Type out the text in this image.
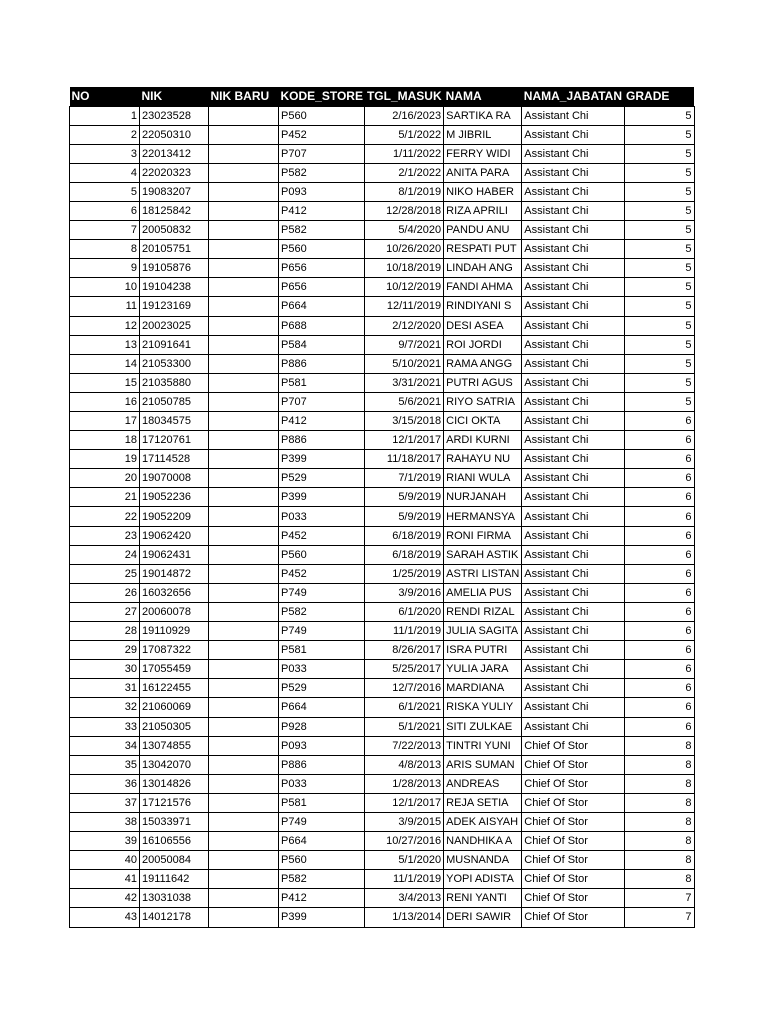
NO	NIK	NIK BARU	KODE_STORE	TGL_MASUK	NAMA	NAMA_JABATAN	GRADE
1	23023528		P560	2/16/2023	SARTIKA RA	Assistant Chi	5
2	22050310		P452	5/1/2022	M JIBRIL	Assistant Chi	5
3	22013412		P707	1/11/2022	FERRY WIDI	Assistant Chi	5
4	22020323		P582	2/1/2022	ANITA PARA	Assistant Chi	5
5	19083207		P093	8/1/2019	NIKO HABER	Assistant Chi	5
6	18125842		P412	12/28/2018	RIZA APRILI	Assistant Chi	5
7	20050832		P582	5/4/2020	PANDU ANU	Assistant Chi	5
8	20105751		P560	10/26/2020	RESPATI PUT	Assistant Chi	5
9	19105876		P656	10/18/2019	LINDAH ANG	Assistant Chi	5
10	19104238		P656	10/12/2019	FANDI AHMA	Assistant Chi	5
11	19123169		P664	12/11/2019	RINDIYANI S	Assistant Chi	5
12	20023025		P688	2/12/2020	DESI ASEA	Assistant Chi	5
13	21091641		P584	9/7/2021	ROI JORDI	Assistant Chi	5
14	21053300		P886	5/10/2021	RAMA ANGG	Assistant Chi	5
15	21035880		P581	3/31/2021	PUTRI AGUS	Assistant Chi	5
16	21050785		P707	5/6/2021	RIYO SATRIA	Assistant Chi	5
17	18034575		P412	3/15/2018	CICI OKTA	Assistant Chi	6
18	17120761		P886	12/1/2017	ARDI KURNI	Assistant Chi	6
19	17114528		P399	11/18/2017	RAHAYU NU	Assistant Chi	6
20	19070008		P529	7/1/2019	RIANI WULA	Assistant Chi	6
21	19052236		P399	5/9/2019	NURJANAH	Assistant Chi	6
22	19052209		P033	5/9/2019	HERMANSYA	Assistant Chi	6
23	19062420		P452	6/18/2019	RONI FIRMA	Assistant Chi	6
24	19062431		P560	6/18/2019	SARAH ASTIK	Assistant Chi	6
25	19014872		P452	1/25/2019	ASTRI LISTAN	Assistant Chi	6
26	16032656		P749	3/9/2016	AMELIA PUS	Assistant Chi	6
27	20060078		P582	6/1/2020	RENDI RIZAL	Assistant Chi	6
28	19110929		P749	11/1/2019	JULIA SAGITA	Assistant Chi	6
29	17087322		P581	8/26/2017	ISRA PUTRI	Assistant Chi	6
30	17055459		P033	5/25/2017	YULIA JARA	Assistant Chi	6
31	16122455		P529	12/7/2016	MARDIANA	Assistant Chi	6
32	21060069		P664	6/1/2021	RISKA YULIY	Assistant Chi	6
33	21050305		P928	5/1/2021	SITI ZULKAE	Assistant Chi	6
34	13074855		P093	7/22/2013	TINTRI YUNI	Chief Of Stor	8
35	13042070		P886	4/8/2013	ARIS SUMAN	Chief Of Stor	8
36	13014826		P033	1/28/2013	ANDREAS	Chief Of Stor	8
37	17121576		P581	12/1/2017	REJA SETIA	Chief Of Stor	8
38	15033971		P749	3/9/2015	ADEK AISYAH	Chief Of Stor	8
39	16106556		P664	10/27/2016	NANDHIKA A	Chief Of Stor	8
40	20050084		P560	5/1/2020	MUSNANDA	Chief Of Stor	8
41	19111642		P582	11/1/2019	YOPI ADISTA	Chief Of Stor	8
42	13031038		P412	3/4/2013	RENI YANTI	Chief Of Stor	7
43	14012178		P399	1/13/2014	DERI SAWIR	Chief Of Stor	7
